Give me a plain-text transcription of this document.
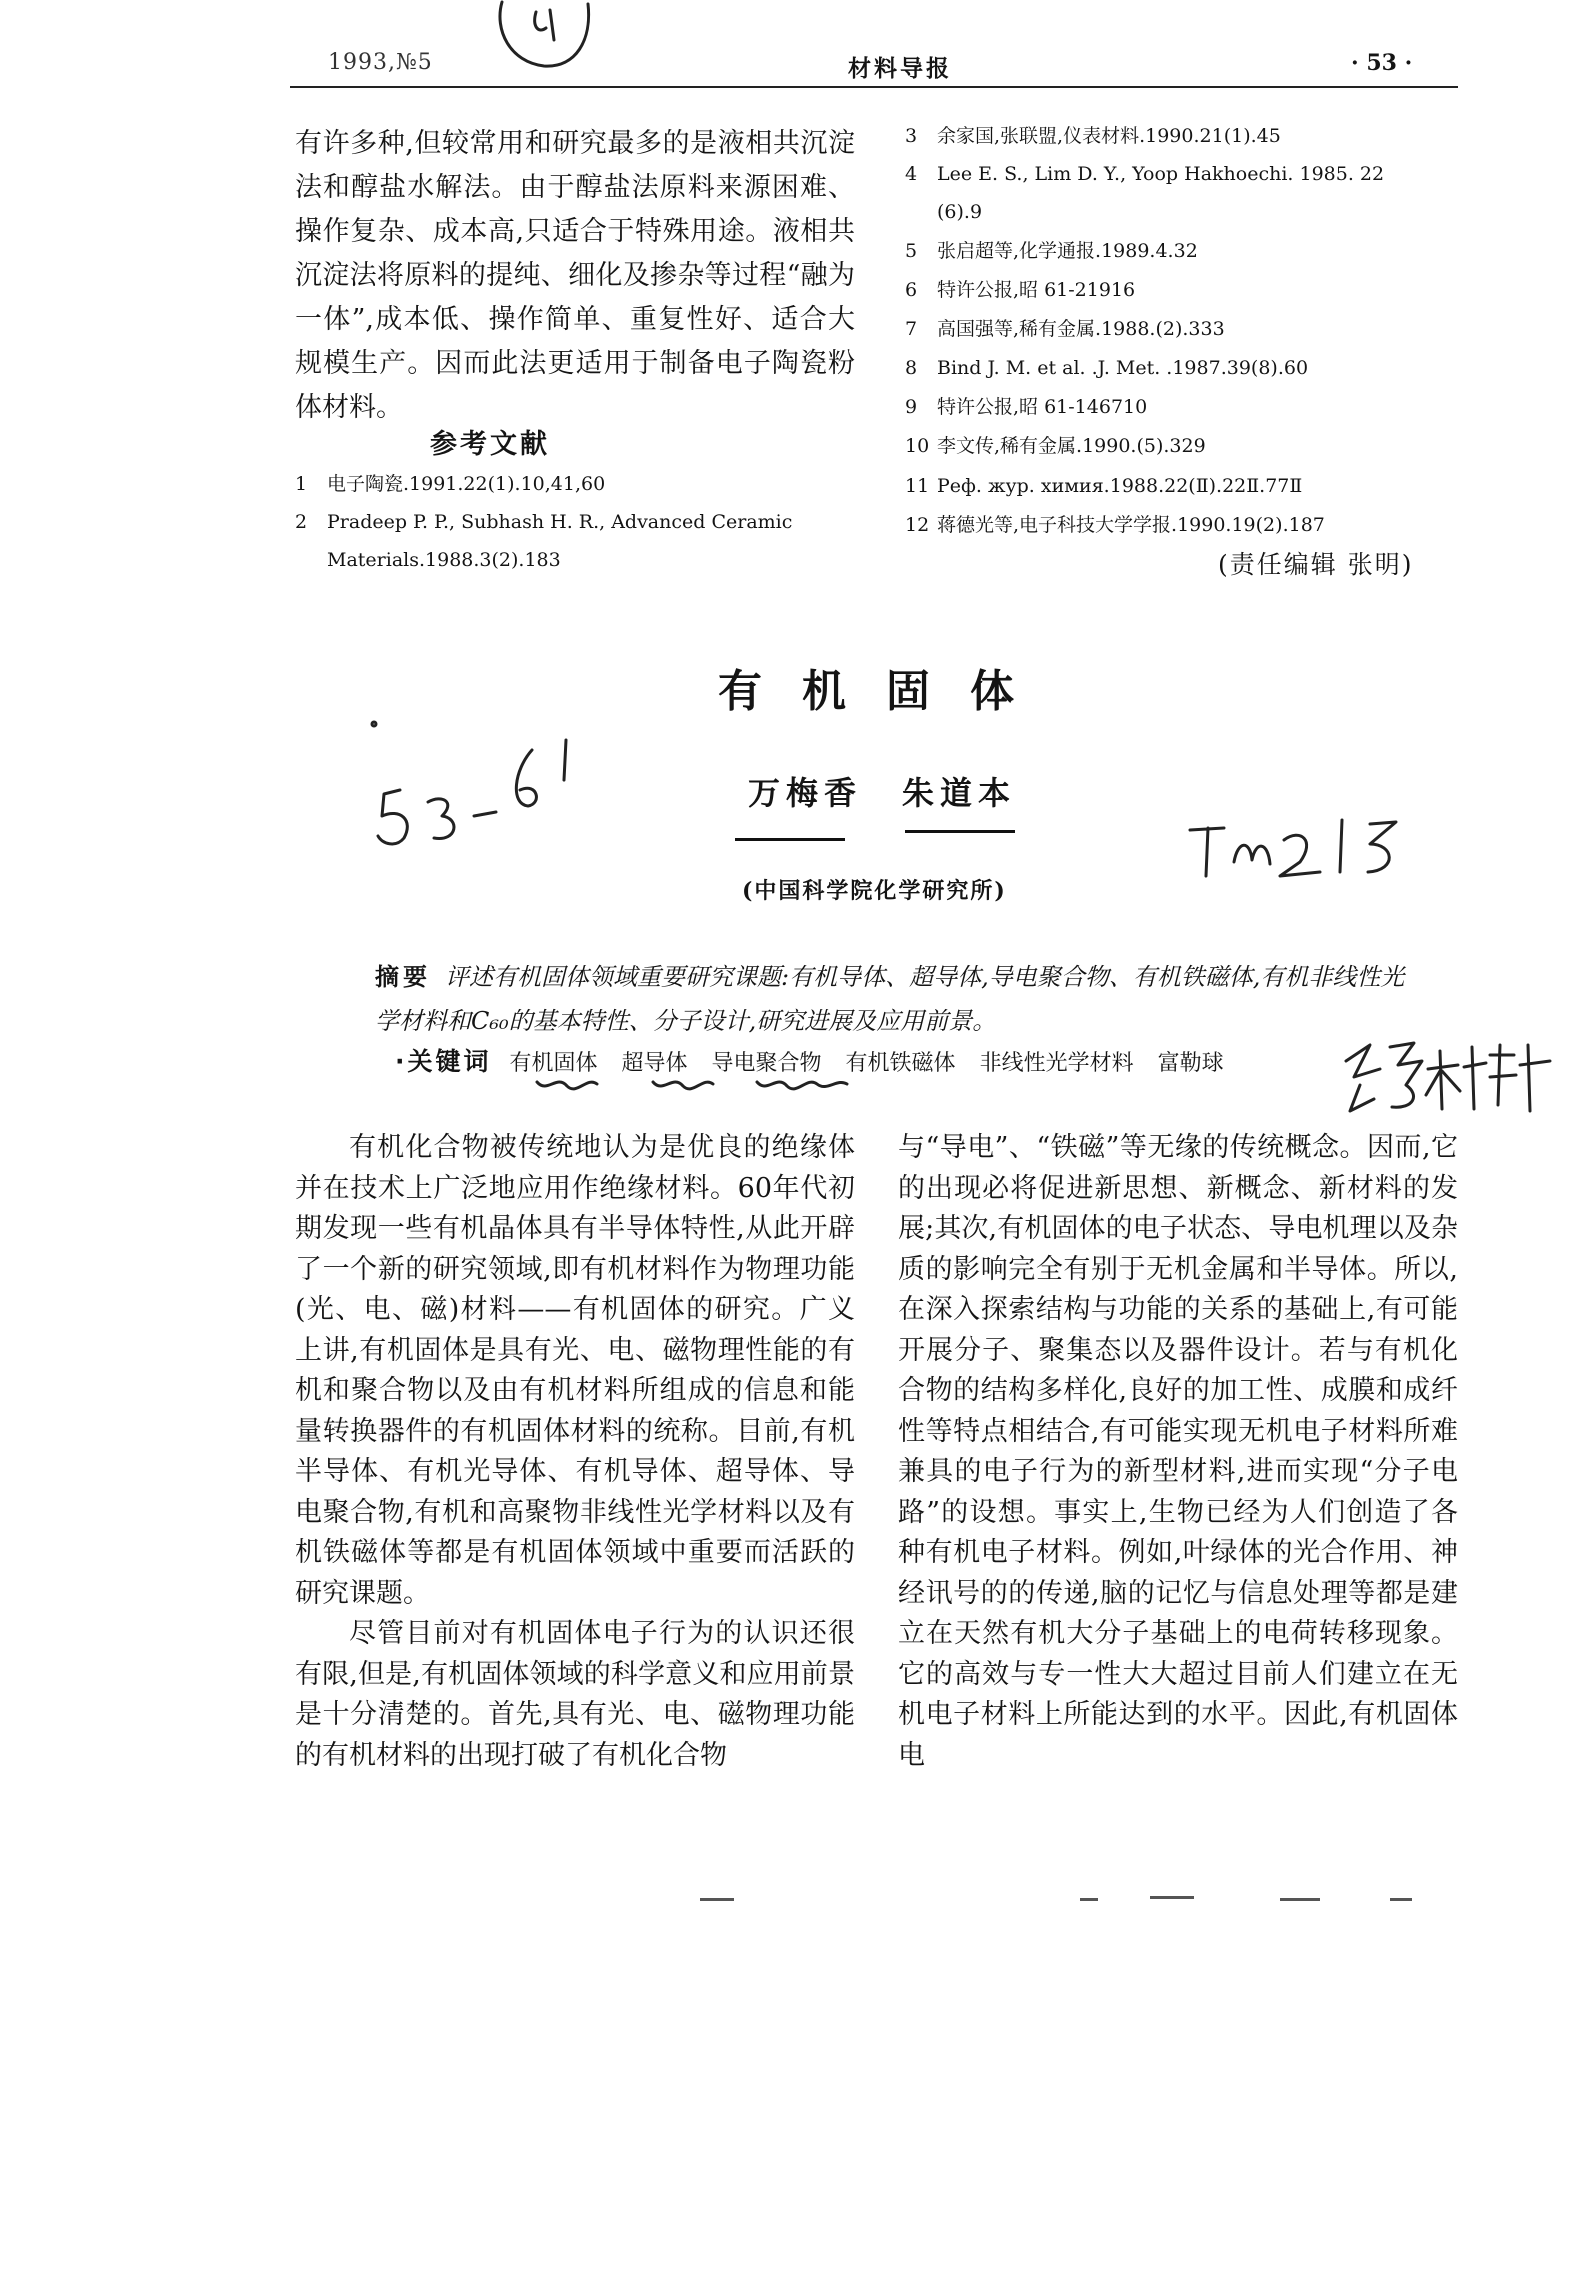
1993,№5	材料导报	· 53 ·
有许多种,但较常用和研究最多的是液相共沉淀法和醇盐水解法。由于醇盐法原料来源困难、操作复杂、成本高,只适合于特殊用途。液相共沉淀法将原料的提纯、细化及掺杂等过程“融为一体”,成本低、操作简单、重复性好、适合大规模生产。因而此法更适用于制备电子陶瓷粉体材料。
参考文献
1 电子陶瓷.1991.22(1).10,41,60
2 Pradeep P. P., Subhash H. R., Advanced Ceramic
Materials.1988.3(2).183
3 余家国,张联盟,仪表材料.1990.21(1).45
4 Lee E. S., Lim D. Y., Yoop Hakhoechi. 1985. 22
(6).9
5 张启超等,化学通报.1989.4.32
6 特许公报,昭 61-21916
7 高国强等,稀有金属.1988.(2).333
8 Bind J. M. et al. .J. Met. .1987.39(8).60
9 特许公报,昭 61-146710
10 李文传,稀有金属.1990.(5).329
11 Реф. жур. химия.1988.22(Ⅱ).22Ⅱ.77Ⅱ
12 蒋德光等,电子科技大学学报.1990.19(2).187
(责任编辑 张明)
有机固体
万梅香 朱道本
(中国科学院化学研究所)
摘要 评述有机固体领域重要研究课题:有机导体、超导体,导电聚合物、有机铁磁体,有机非线性光学材料和C₆₀的基本特性、分子设计,研究进展及应用前景。
·关键词 有机固体 超导体 导电聚合物 有机铁磁体 非线性光学材料 富勒球

有机化合物被传统地认为是优良的绝缘体并在技术上广泛地应用作绝缘材料。60年代初期发现一些有机晶体具有半导体特性,从此开辟了一个新的研究领域,即有机材料作为物理功能(光、电、磁)材料——有机固体的研究。广义上讲,有机固体是具有光、电、磁物理性能的有机和聚合物以及由有机材料所组成的信息和能量转换器件的有机固体材料的统称。目前,有机半导体、有机光导体、有机导体、超导体、导电聚合物,有机和高聚物非线性光学材料以及有机铁磁体等都是有机固体领域中重要而活跃的研究课题。

尽管目前对有机固体电子行为的认识还很有限,但是,有机固体领域的科学意义和应用前景是十分清楚的。首先,具有光、电、磁物理功能的有机材料的出现打破了有机化合物

与“导电”、“铁磁”等无缘的传统概念。因而,它的出现必将促进新思想、新概念、新材料的发展;其次,有机固体的电子状态、导电机理以及杂质的影响完全有别于无机金属和半导体。所以,在深入探索结构与功能的关系的基础上,有可能开展分子、聚集态以及器件设计。若与有机化合物的结构多样化,良好的加工性、成膜和成纤性等特点相结合,有可能实现无机电子材料所难兼具的电子行为的新型材料,进而实现“分子电路”的设想。事实上,生物已经为人们创造了各种有机电子材料。例如,叶绿体的光合作用、神经讯号的的传递,脑的记忆与信息处理等都是建立在天然有机大分子基础上的电荷转移现象。它的高效与专一性大大超过目前人们建立在无机电子材料上所能达到的水平。因此,有机固体电
